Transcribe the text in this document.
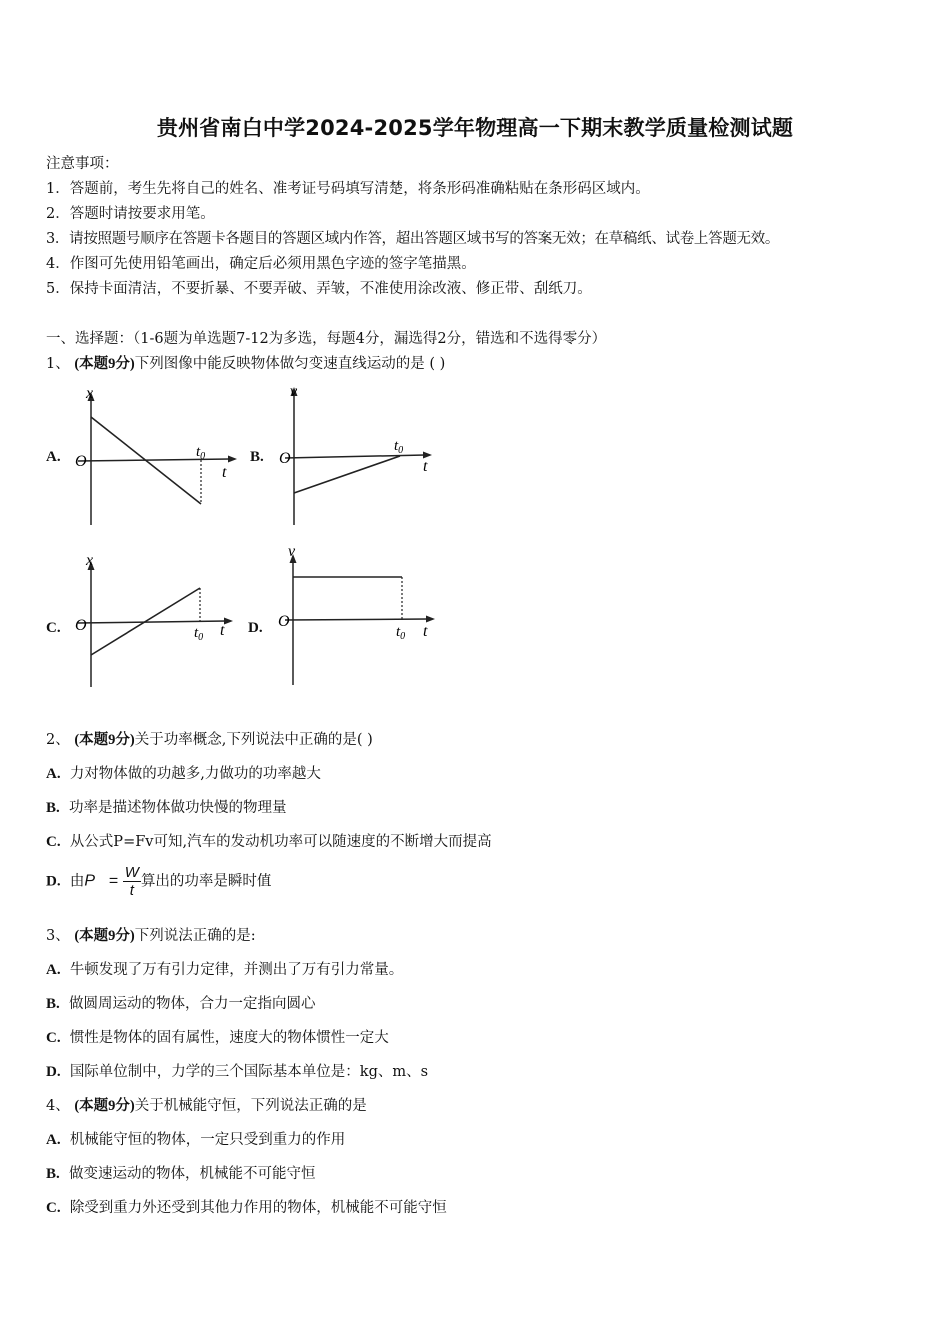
贵州省南白中学2024-2025学年物理高一下期末教学质量检测试题
注意事项：
1．答题前，考生先将自己的姓名、准考证号码填写清楚，将条形码准确粘贴在条形码区域内。
2．答题时请按要求用笔。
3．请按照题号顺序在答题卡各题目的答题区域内作答，超出答题区域书写的答案无效；在草稿纸、试卷上答题无效。
4．作图可先使用铅笔画出，确定后必须用黑色字迹的签字笔描黑。
5．保持卡面清洁，不要折暴、不要弄破、弄皱，不准使用涂改液、修正带、刮纸刀。
一、选择题：（1-6题为单选题7-12为多选，每题4分，漏选得2分，错选和不选得零分）
1、 (本题9分)下列图像中能反映物体做匀变速直线运动的是 ( )
A.
x
O
t
$t_0$	B.
v
O	t
$t_0$
C.
x
O	t
$t_0$
D.
v
O
t
$t_0$
2、 (本题9分)关于功率概念,下列说法中正确的是( )
A. 力对物体做的功越多,力做功的功率越大
B. 功率是描述物体做功快慢的物理量
C. 从公式P=Fv可知,汽车的发动机功率可以随速度的不断增大而提高
D. 由$P = \frac{W}{t}$ 算出的功率是瞬时值
3、 (本题9分)下列说法正确的是:
A. 牛顿发现了万有引力定律，并测出了万有引力常量。
B. 做圆周运动的物体，合力一定指向圆心
C. 惯性是物体的固有属性，速度大的物体惯性一定大
D. 国际单位制中，力学的三个国际基本单位是：kg、m、s
4、 (本题9分)关于机械能守恒，下列说法正确的是
A. 机械能守恒的物体，一定只受到重力的作用
B. 做变速运动的物体，机械能不可能守恒
C. 除受到重力外还受到其他力作用的物体，机械能不可能守恒
